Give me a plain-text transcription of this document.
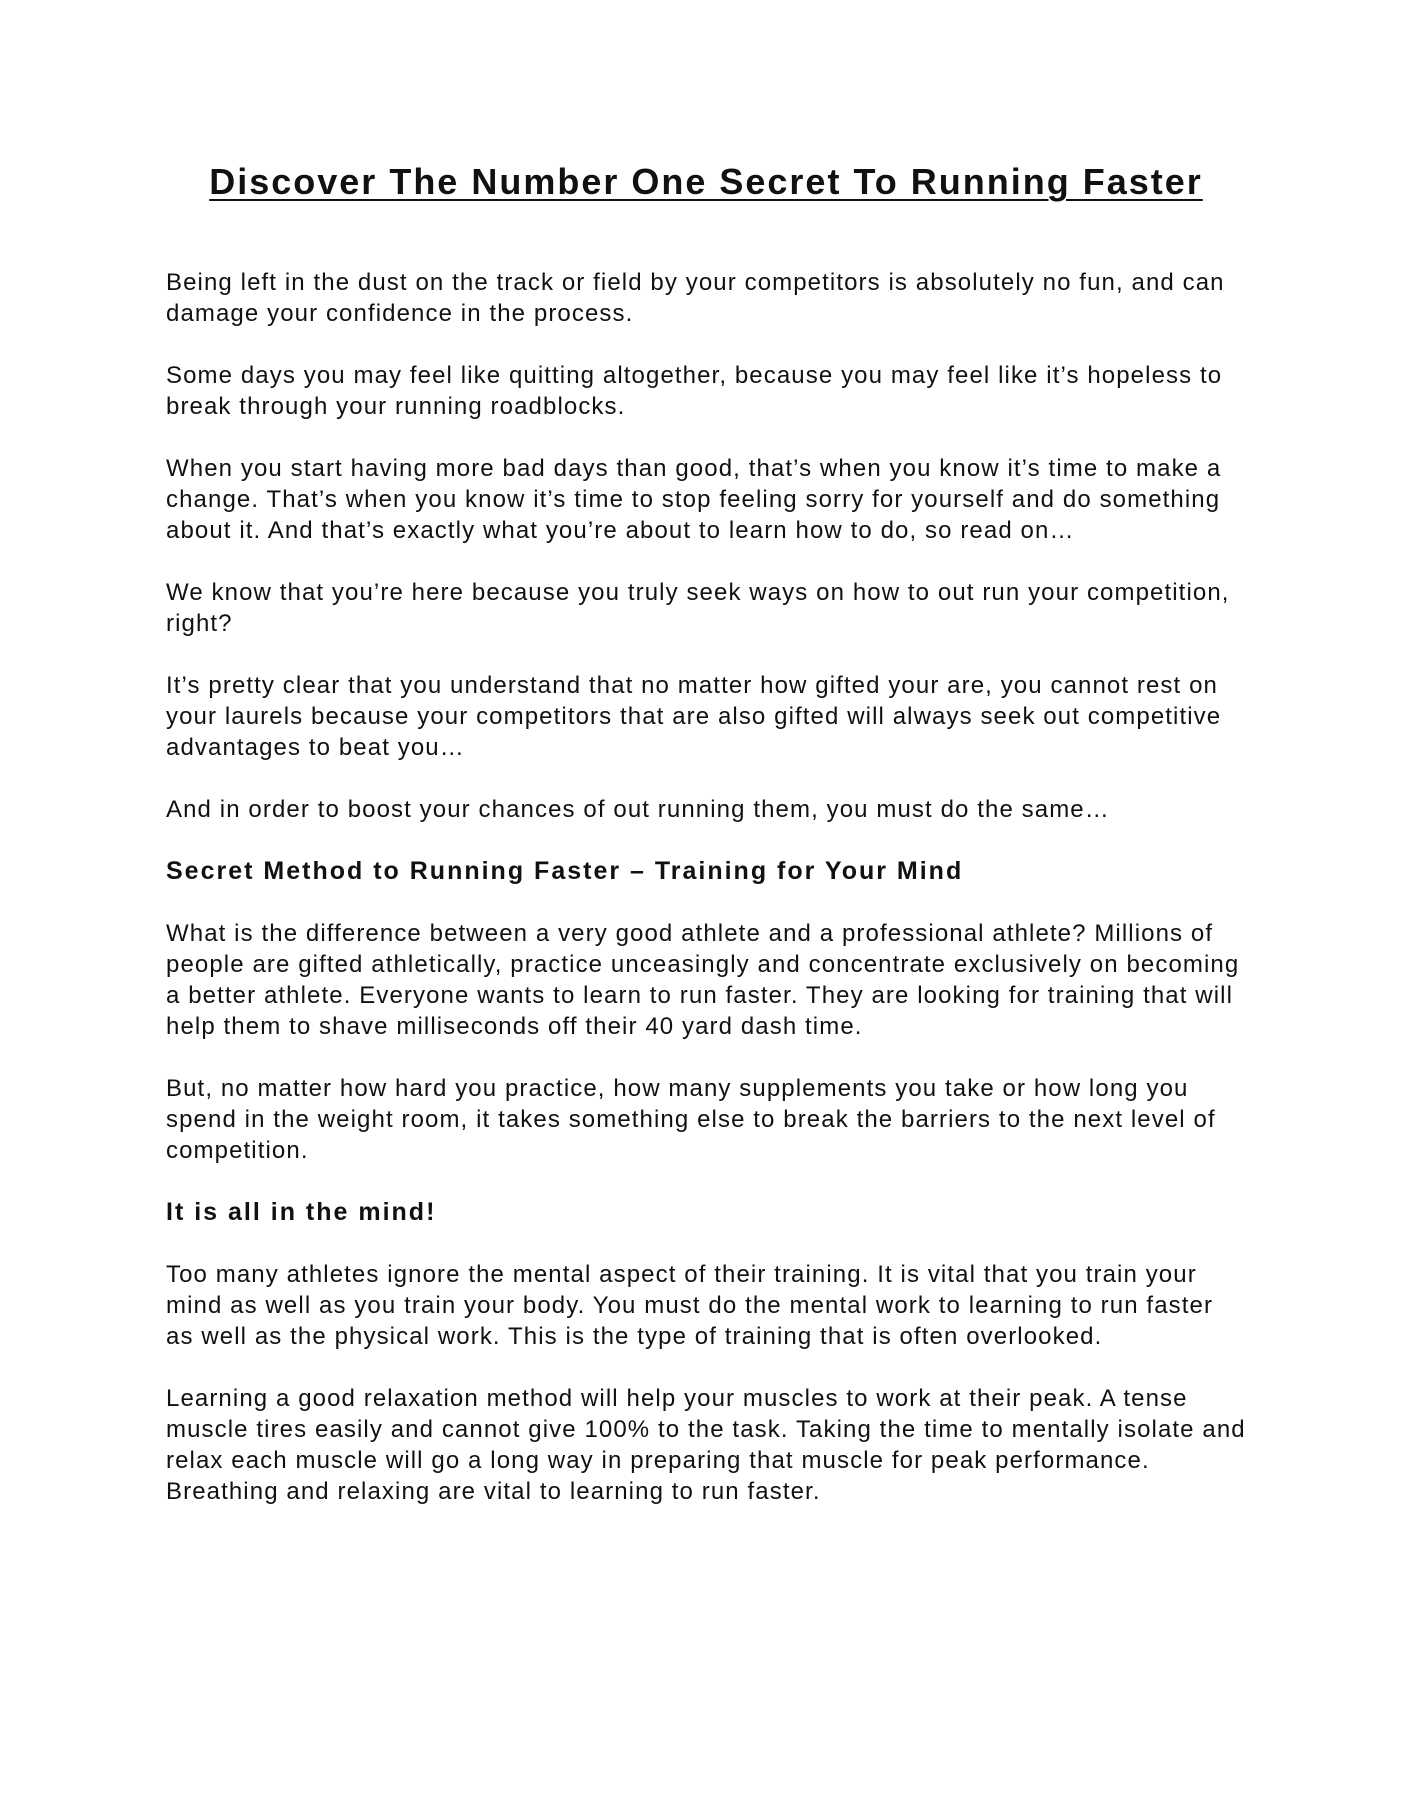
Discover The Number One Secret To Running Faster

Being left in the dust on the track or field by your competitors is absolutely no fun, and can damage your confidence in the process.

Some days you may feel like quitting altogether, because you may feel like it’s hopeless to break through your running roadblocks.

When you start having more bad days than good, that’s when you know it’s time to make a change. That’s when you know it’s time to stop feeling sorry for yourself and do something about it. And that’s exactly what you’re about to learn how to do, so read on…

We know that you’re here because you truly seek ways on how to out run your competition, right?

It’s pretty clear that you understand that no matter how gifted your are, you cannot rest on your laurels because your competitors that are also gifted will always seek out competitive advantages to beat you…

And in order to boost your chances of out running them, you must do the same…

Secret Method to Running Faster – Training for Your Mind

What is the difference between a very good athlete and a professional athlete? Millions of people are gifted athletically, practice unceasingly and concentrate exclusively on becoming a better athlete. Everyone wants to learn to run faster. They are looking for training that will help them to shave milliseconds off their 40 yard dash time.

But, no matter how hard you practice, how many supplements you take or how long you spend in the weight room, it takes something else to break the barriers to the next level of competition.

It is all in the mind!

Too many athletes ignore the mental aspect of their training. It is vital that you train your mind as well as you train your body. You must do the mental work to learning to run faster as well as the physical work. This is the type of training that is often overlooked.

Learning a good relaxation method will help your muscles to work at their peak. A tense muscle tires easily and cannot give 100% to the task. Taking the time to mentally isolate and relax each muscle will go a long way in preparing that muscle for peak performance. Breathing and relaxing are vital to learning to run faster.
